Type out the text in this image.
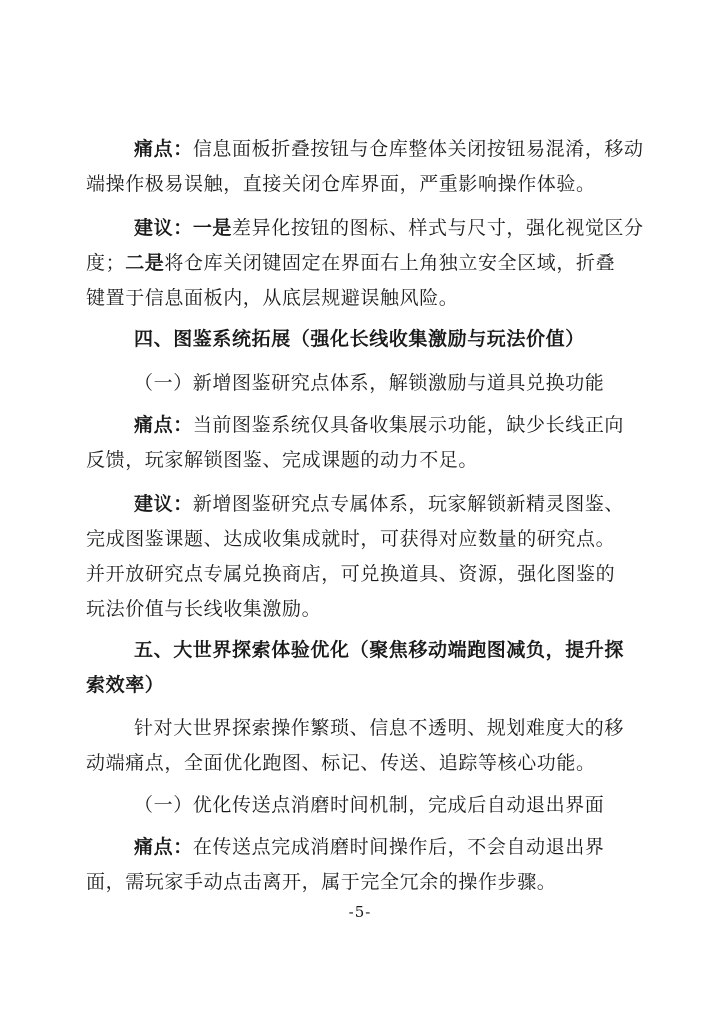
痛点：信息面板折叠按钮与仓库整体关闭按钮易混淆，移动
端操作极易误触，直接关闭仓库界面，严重影响操作体验。
建议：一是差异化按钮的图标、样式与尺寸，强化视觉区分
度；二是将仓库关闭键固定在界面右上角独立安全区域，折叠
键置于信息面板内，从底层规避误触风险。
四、图鉴系统拓展（强化长线收集激励与玩法价值）
（一）新增图鉴研究点体系，解锁激励与道具兑换功能
痛点：当前图鉴系统仅具备收集展示功能，缺少长线正向
反馈，玩家解锁图鉴、完成课题的动力不足。
建议：新增图鉴研究点专属体系，玩家解锁新精灵图鉴、
完成图鉴课题、达成收集成就时，可获得对应数量的研究点。
并开放研究点专属兑换商店，可兑换道具、资源，强化图鉴的
玩法价值与长线收集激励。
五、大世界探索体验优化（聚焦移动端跑图减负，提升探
索效率）
针对大世界探索操作繁琐、信息不透明、规划难度大的移
动端痛点，全面优化跑图、标记、传送、追踪等核心功能。
（一）优化传送点消磨时间机制，完成后自动退出界面
痛点：在传送点完成消磨时间操作后，不会自动退出界
面，需玩家手动点击离开，属于完全冗余的操作步骤。
-5-
